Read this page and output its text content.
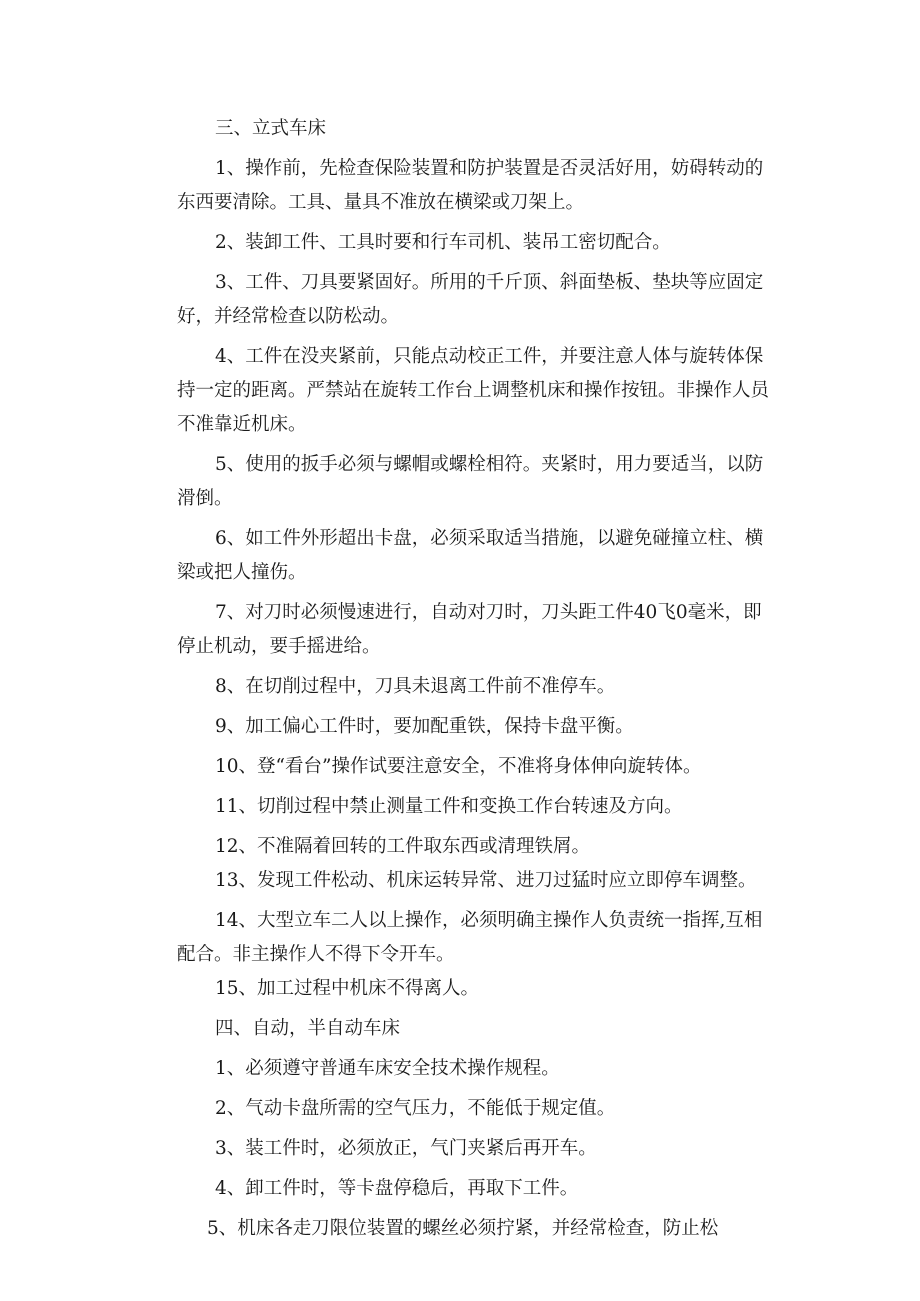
三、立式车床
1、操作前，先检查保险装置和防护装置是否灵活好用，妨碍转动的
东西要清除。工具、量具不准放在横梁或刀架上。
2、装卸工件、工具时要和行车司机、装吊工密切配合。
3、工件、刀具要紧固好。所用的千斤顶、斜面垫板、垫块等应固定
好，并经常检查以防松动。
4、工件在没夹紧前，只能点动校正工件，并要注意人体与旋转体保
持一定的距离。严禁站在旋转工作台上调整机床和操作按钮。非操作人员
不准靠近机床。
5、使用的扳手必须与螺帽或螺栓相符。夹紧时，用力要适当，以防
滑倒。
6、如工件外形超出卡盘，必须采取适当措施，以避免碰撞立柱、横
梁或把人撞伤。
7、对刀时必须慢速进行，自动对刀时，刀头距工件40飞0毫米，即
停止机动，要手摇进给。
8、在切削过程中，刀具未退离工件前不准停车。
9、加工偏心工件时，要加配重铁，保持卡盘平衡。
10、登“看台”操作试要注意安全，不准将身体伸向旋转体。
11、切削过程中禁止测量工件和变换工作台转速及方向。
12、不准隔着回转的工件取东西或清理铁屑。
13、发现工件松动、机床运转异常、进刀过猛时应立即停车调整。
14、大型立车二人以上操作，必须明确主操作人负责统一指挥,互相
配合。非主操作人不得下令开车。
15、加工过程中机床不得离人。
四、自动，半自动车床
1、必须遵守普通车床安全技术操作规程。
2、气动卡盘所需的空气压力，不能低于规定值。
3、装工件时，必须放正，气门夹紧后再开车。
4、卸工件时，等卡盘停稳后，再取下工件。
5、机床各走刀限位装置的螺丝必须拧紧，并经常检查，防止松
